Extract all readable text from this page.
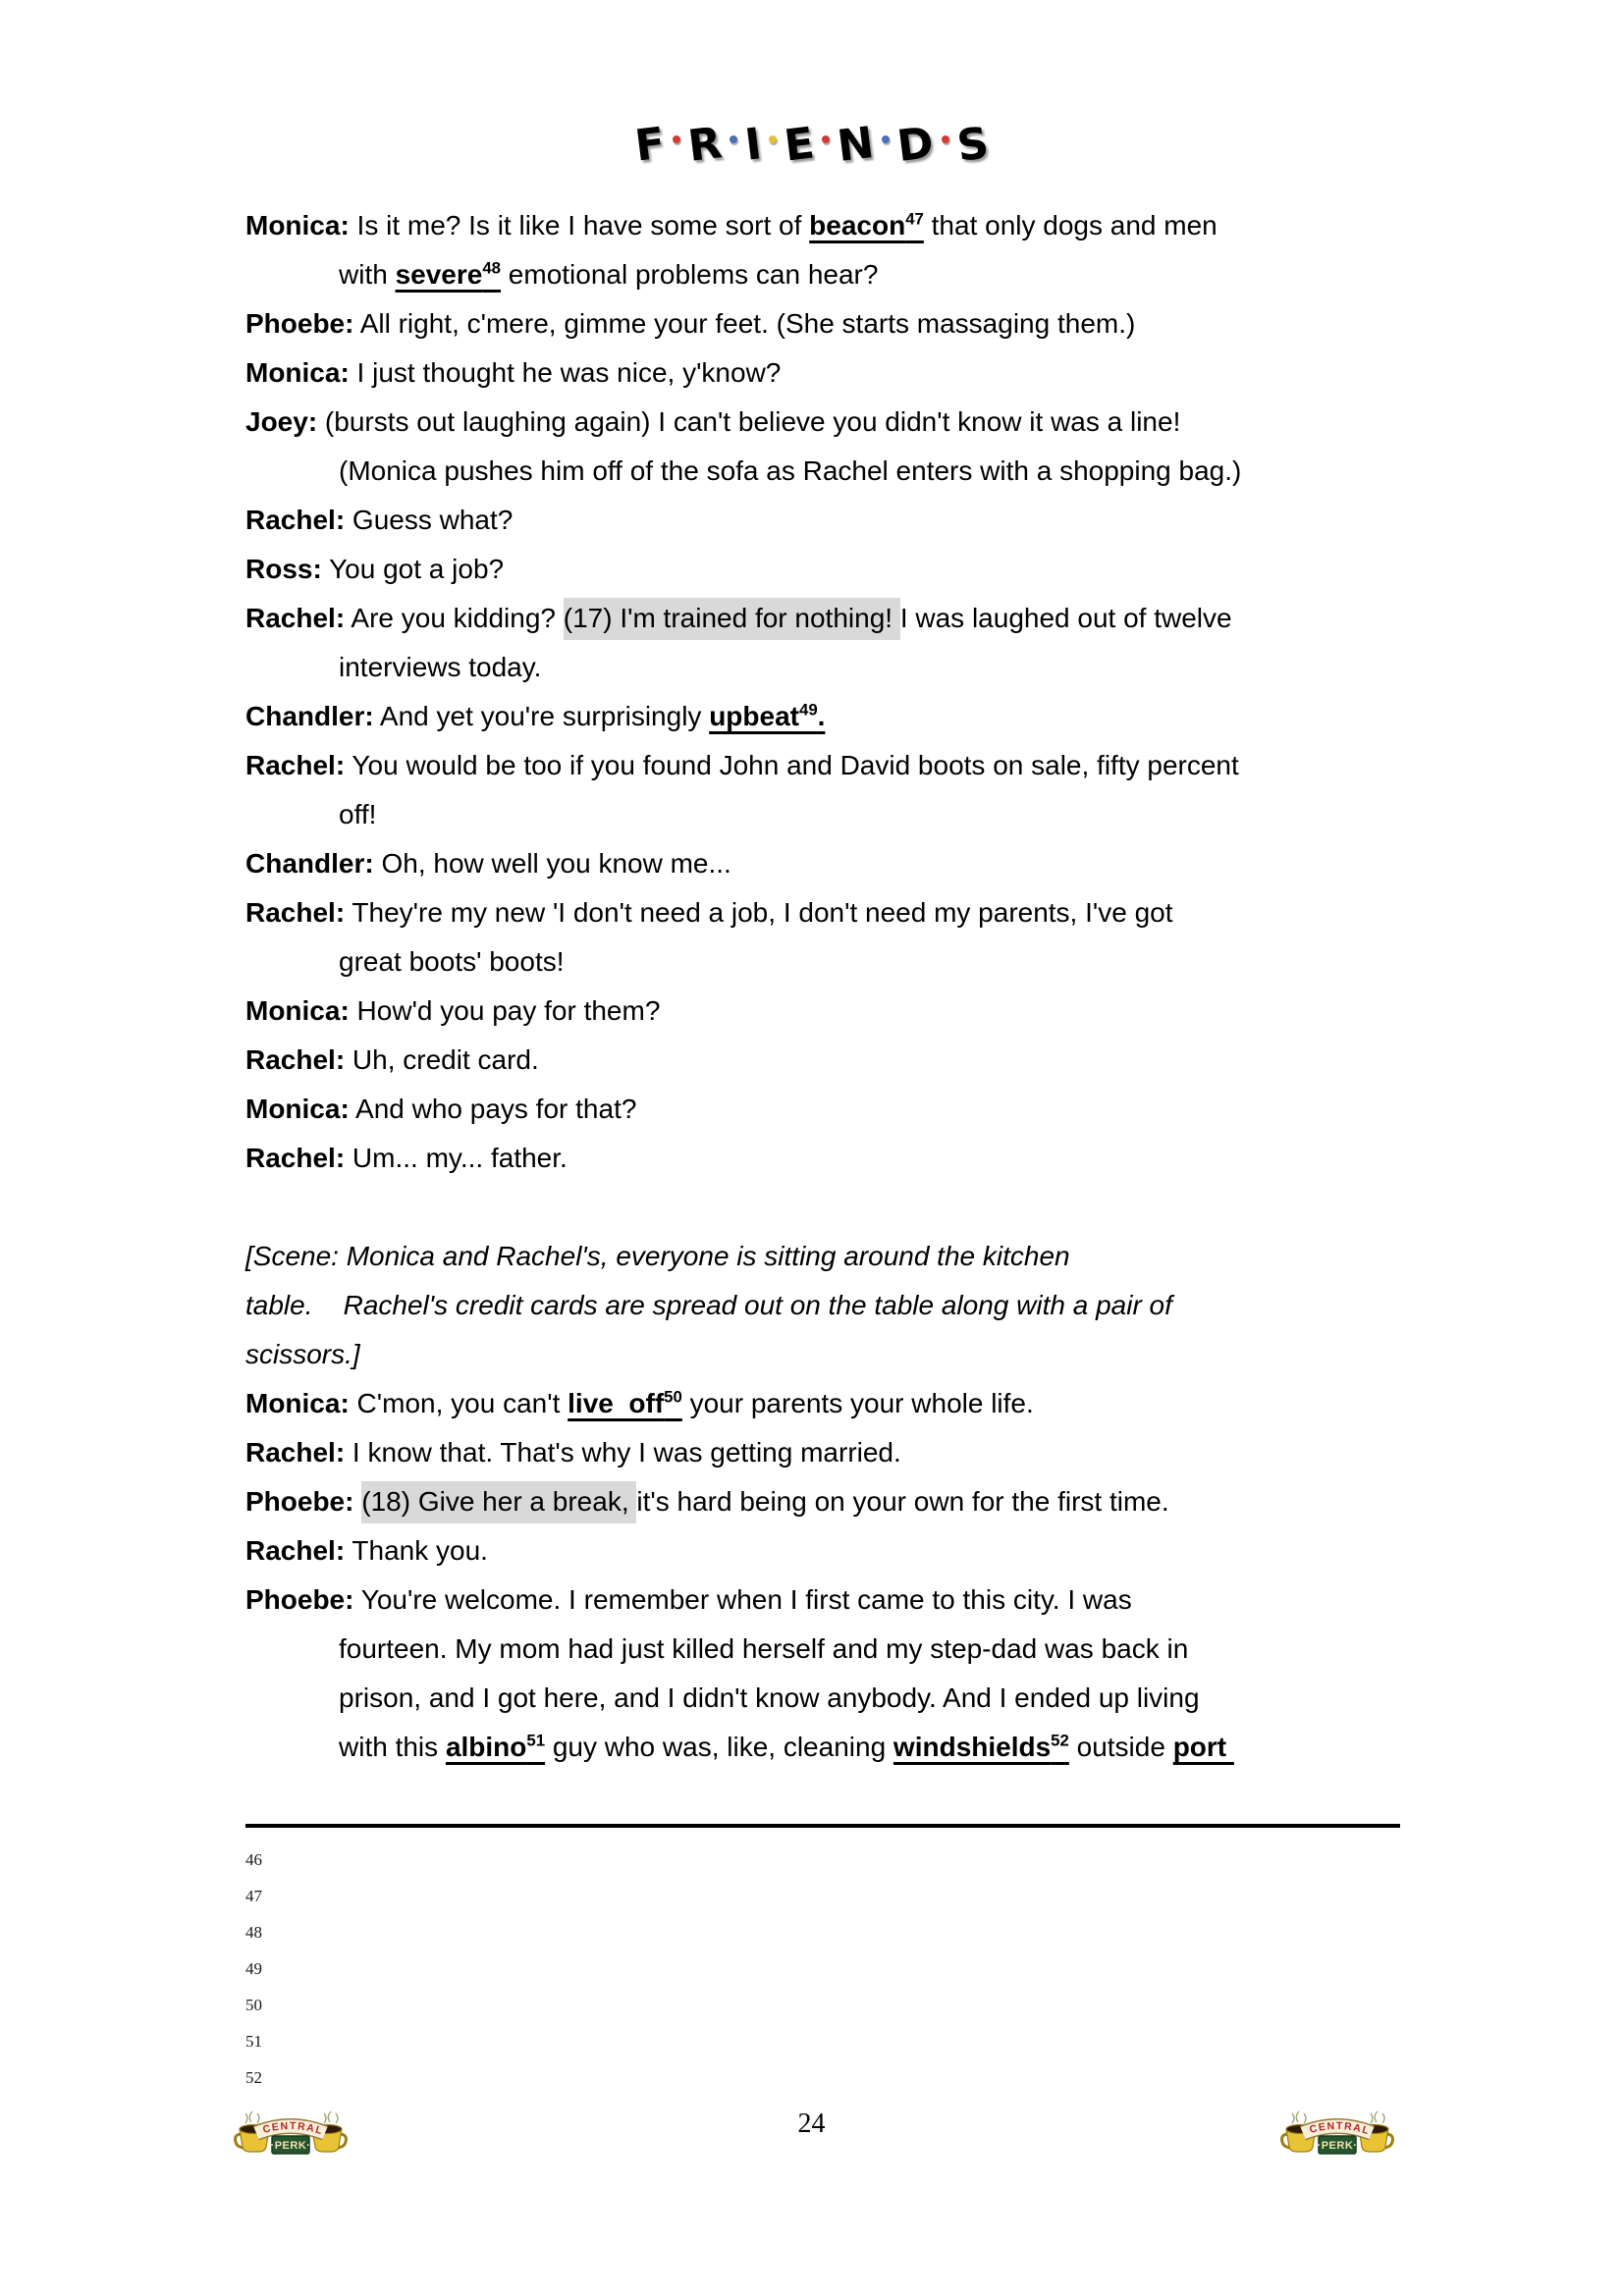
F R I E N D S

Monica: Is it me? Is it like I have some sort of beacon$^{47}$ that only dogs and men
with severe$^{48}$ emotional problems can hear?

Phoebe: All right, c'mere, gimme your feet. (She starts massaging them.)

Monica: I just thought he was nice, y'know?

Joey: (bursts out laughing again) I can't believe you didn't know it was a line!
(Monica pushes him off of the sofa as Rachel enters with a shopping bag.)

Rachel: Guess what?

Ross: You got a job?

Rachel: Are you kidding? (17) I'm trained for nothing! I was laughed out of twelve
interviews today.

Chandler: And yet you're surprisingly upbeat$^{49}$.

Rachel: You would be too if you found John and David boots on sale, fifty percent
off!

Chandler: Oh, how well you know me...

Rachel: They're my new 'I don't need a job, I don't need my parents, I've got
great boots' boots!

Monica: How'd you pay for them?

Rachel: Uh, credit card.

Monica: And who pays for that?

Rachel: Um... my... father.

[Scene: Monica and Rachel's, everyone is sitting around the kitchen

table.    Rachel's credit cards are spread out on the table along with a pair of

scissors.]

Monica: C'mon, you can't live  off$^{50}$ your parents your whole life.

Rachel: I know that. That's why I was getting married.

Phoebe: (18) Give her a break, it's hard being on your own for the first time.

Rachel: Thank you.

Phoebe: You're welcome. I remember when I first came to this city. I was
fourteen. My mom had just killed herself and my step-dad was back in
prison, and I got here, and I didn't know anybody. And I ended up living
with this albino$^{51}$ guy who was, like, cleaning windshields$^{52}$ outside port

46
47
48
49
50
51
52
CENTRAL
·PERK·
24	CENTRAL
·PERK·
